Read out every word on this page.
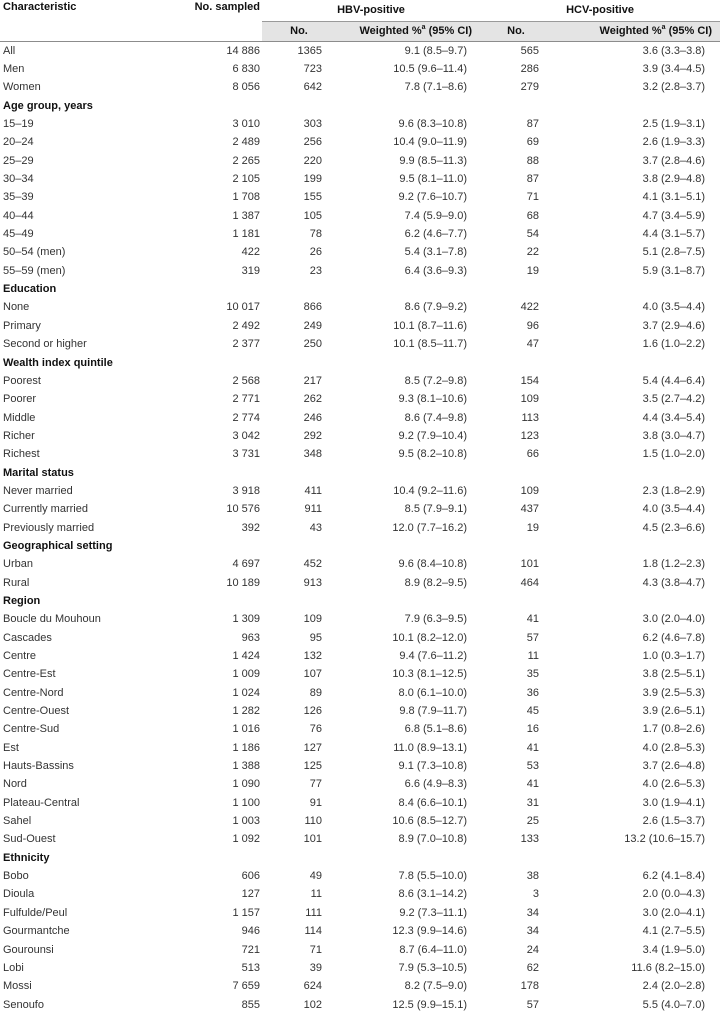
Characteristic	No. sampled	HBV-positive		HCV-positive	
		No.	Weighted %$^a$ (95% CI)	No.	Weighted %$^a$ (95% CI)
All	14 886	1365	9.1 (8.5–9.7)	565	3.6 (3.3–3.8)
Men	6 830	723	10.5 (9.6–11.4)	286	3.9 (3.4–4.5)
Women	8 056	642	7.8 (7.1–8.6)	279	3.2 (2.8–3.7)
Age group, years					
15–19	3 010	303	9.6 (8.3–10.8)	87	2.5 (1.9–3.1)
20–24	2 489	256	10.4 (9.0–11.9)	69	2.6 (1.9–3.3)
25–29	2 265	220	9.9 (8.5–11.3)	88	3.7 (2.8–4.6)
30–34	2 105	199	9.5 (8.1–11.0)	87	3.8 (2.9–4.8)
35–39	1 708	155	9.2 (7.6–10.7)	71	4.1 (3.1–5.1)
40–44	1 387	105	7.4 (5.9–9.0)	68	4.7 (3.4–5.9)
45–49	1 181	78	6.2 (4.6–7.7)	54	4.4 (3.1–5.7)
50–54 (men)	422	26	5.4 (3.1–7.8)	22	5.1 (2.8–7.5)
55–59 (men)	319	23	6.4 (3.6–9.3)	19	5.9 (3.1–8.7)
Education					
None	10 017	866	8.6 (7.9–9.2)	422	4.0 (3.5–4.4)
Primary	2 492	249	10.1 (8.7–11.6)	96	3.7 (2.9–4.6)
Second or higher	2 377	250	10.1 (8.5–11.7)	47	1.6 (1.0–2.2)
Wealth index quintile					
Poorest	2 568	217	8.5 (7.2–9.8)	154	5.4 (4.4–6.4)
Poorer	2 771	262	9.3 (8.1–10.6)	109	3.5 (2.7–4.2)
Middle	2 774	246	8.6 (7.4–9.8)	113	4.4 (3.4–5.4)
Richer	3 042	292	9.2 (7.9–10.4)	123	3.8 (3.0–4.7)
Richest	3 731	348	9.5 (8.2–10.8)	66	1.5 (1.0–2.0)
Marital status					
Never married	3 918	411	10.4 (9.2–11.6)	109	2.3 (1.8–2.9)
Currently married	10 576	911	8.5 (7.9–9.1)	437	4.0 (3.5–4.4)
Previously married	392	43	12.0 (7.7–16.2)	19	4.5 (2.3–6.6)
Geographical setting					
Urban	4 697	452	9.6 (8.4–10.8)	101	1.8 (1.2–2.3)
Rural	10 189	913	8.9 (8.2–9.5)	464	4.3 (3.8–4.7)
Region					
Boucle du Mouhoun	1 309	109	7.9 (6.3–9.5)	41	3.0 (2.0–4.0)
Cascades	963	95	10.1 (8.2–12.0)	57	6.2 (4.6–7.8)
Centre	1 424	132	9.4 (7.6–11.2)	11	1.0 (0.3–1.7)
Centre-Est	1 009	107	10.3 (8.1–12.5)	35	3.8 (2.5–5.1)
Centre-Nord	1 024	89	8.0 (6.1–10.0)	36	3.9 (2.5–5.3)
Centre-Ouest	1 282	126	9.8 (7.9–11.7)	45	3.9 (2.6–5.1)
Centre-Sud	1 016	76	6.8 (5.1–8.6)	16	1.7 (0.8–2.6)
Est	1 186	127	11.0 (8.9–13.1)	41	4.0 (2.8–5.3)
Hauts-Bassins	1 388	125	9.1 (7.3–10.8)	53	3.7 (2.6–4.8)
Nord	1 090	77	6.6 (4.9–8.3)	41	4.0 (2.6–5.3)
Plateau-Central	1 100	91	8.4 (6.6–10.1)	31	3.0 (1.9–4.1)
Sahel	1 003	110	10.6 (8.5–12.7)	25	2.6 (1.5–3.7)
Sud-Ouest	1 092	101	8.9 (7.0–10.8)	133	13.2 (10.6–15.7)
Ethnicity					
Bobo	606	49	7.8 (5.5–10.0)	38	6.2 (4.1–8.4)
Dioula	127	11	8.6 (3.1–14.2)	3	2.0 (0.0–4.3)
Fulfulde/Peul	1 157	111	9.2 (7.3–11.1)	34	3.0 (2.0–4.1)
Gourmantche	946	114	12.3 (9.9–14.6)	34	4.1 (2.7–5.5)
Gourounsi	721	71	8.7 (6.4–11.0)	24	3.4 (1.9–5.0)
Lobi	513	39	7.9 (5.3–10.5)	62	11.6 (8.2–15.0)
Mossi	7 659	624	8.2 (7.5–9.0)	178	2.4 (2.0–2.8)
Senoufo	855	102	12.5 (9.9–15.1)	57	5.5 (4.0–7.0)
